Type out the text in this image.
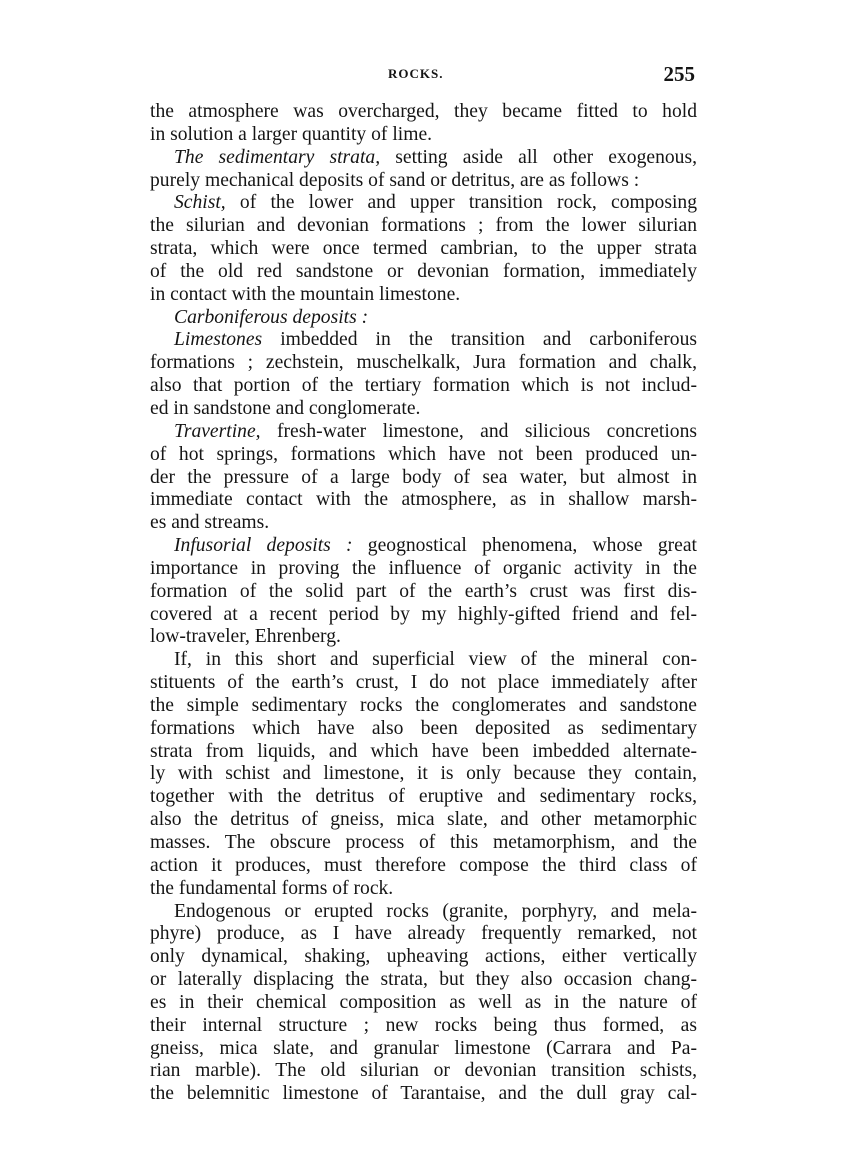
ROCKS.	255
the atmosphere was overcharged, they became fitted to hold
in solution a larger quantity of lime.
The sedimentary strata, setting aside all other exogenous,
purely mechanical deposits of sand or detritus, are as follows :
Schist, of the lower and upper transition rock, composing
the silurian and devonian formations ; from the lower silurian
strata, which were once termed cambrian, to the upper strata
of the old red sandstone or devonian formation, immediately
in contact with the mountain limestone.
Carboniferous deposits :
Limestones imbedded in the transition and carboniferous
formations ; zechstein, muschelkalk, Jura formation and chalk,
also that portion of the tertiary formation which is not includ-
ed in sandstone and conglomerate.
Travertine, fresh-water limestone, and silicious concretions
of hot springs, formations which have not been produced un-
der the pressure of a large body of sea water, but almost in
immediate contact with the atmosphere, as in shallow marsh-
es and streams.
Infusorial deposits : geognostical phenomena, whose great
importance in proving the influence of organic activity in the
formation of the solid part of the earth’s crust was first dis-
covered at a recent period by my highly-gifted friend and fel-
low-traveler, Ehrenberg.
If, in this short and superficial view of the mineral con-
stituents of the earth’s crust, I do not place immediately after
the simple sedimentary rocks the conglomerates and sandstone
formations which have also been deposited as sedimentary
strata from liquids, and which have been imbedded alternate-
ly with schist and limestone, it is only because they contain,
together with the detritus of eruptive and sedimentary rocks,
also the detritus of gneiss, mica slate, and other metamorphic
masses. The obscure process of this metamorphism, and the
action it produces, must therefore compose the third class of
the fundamental forms of rock.
Endogenous or erupted rocks (granite, porphyry, and mela-
phyre) produce, as I have already frequently remarked, not
only dynamical, shaking, upheaving actions, either vertically
or laterally displacing the strata, but they also occasion chang-
es in their chemical composition as well as in the nature of
their internal structure ; new rocks being thus formed, as
gneiss, mica slate, and granular limestone (Carrara and Pa-
rian marble). The old silurian or devonian transition schists,
the belemnitic limestone of Tarantaise, and the dull gray cal-
